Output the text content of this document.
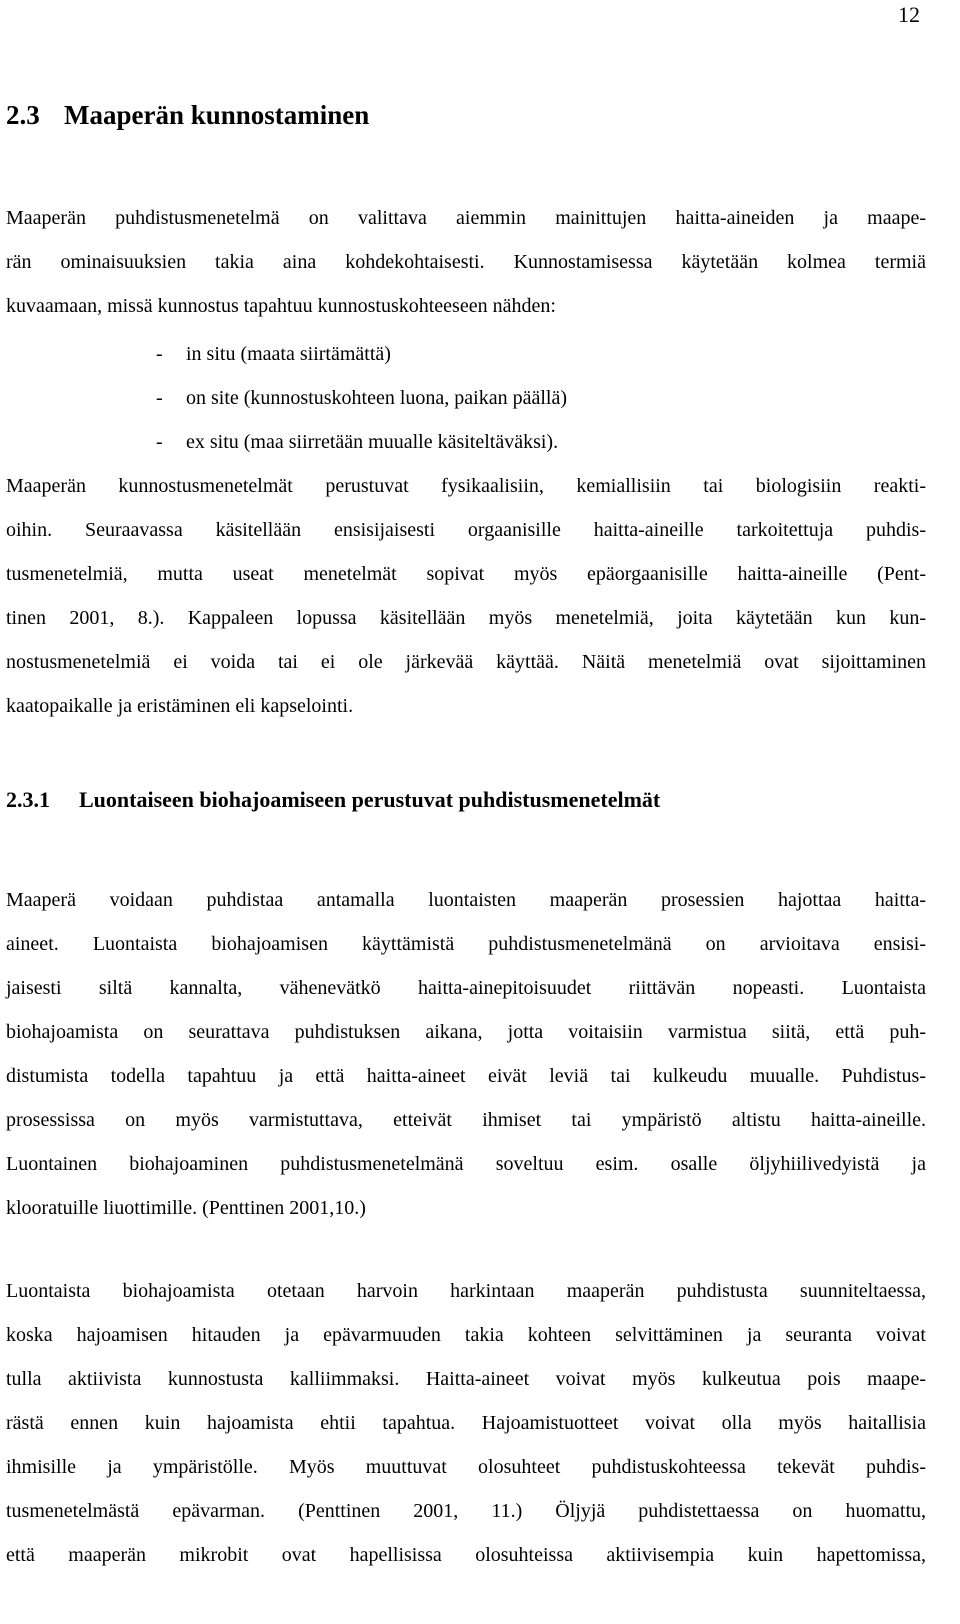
12
2.3 Maaperän kunnostaminen
Maaperän puhdistusmenetelmä on valittava aiemmin mainittujen haitta-aineiden ja maape-
rän ominaisuuksien takia aina kohdekohtaisesti. Kunnostamisessa käytetään kolmea termiä
kuvaamaan, missä kunnostus tapahtuu kunnostuskohteeseen nähden:
- in situ (maata siirtämättä)
- on site (kunnostuskohteen luona, paikan päällä)
- ex situ (maa siirretään muualle käsiteltäväksi).
Maaperän kunnostusmenetelmät perustuvat fysikaalisiin, kemiallisiin tai biologisiin reakti-
oihin. Seuraavassa käsitellään ensisijaisesti orgaanisille haitta-aineille tarkoitettuja puhdis-
tusmenetelmiä, mutta useat menetelmät sopivat myös epäorgaanisille haitta-aineille (Pent-
tinen 2001, 8.). Kappaleen lopussa käsitellään myös menetelmiä, joita käytetään kun kun-
nostusmenetelmiä ei voida tai ei ole järkevää käyttää. Näitä menetelmiä ovat sijoittaminen
kaatopaikalle ja eristäminen eli kapselointi.
2.3.1 Luontaiseen biohajoamiseen perustuvat puhdistusmenetelmät
Maaperä voidaan puhdistaa antamalla luontaisten maaperän prosessien hajottaa haitta-
aineet. Luontaista biohajoamisen käyttämistä puhdistusmenetelmänä on arvioitava ensisi-
jaisesti siltä kannalta, vähenevätkö haitta-ainepitoisuudet riittävän nopeasti. Luontaista
biohajoamista on seurattava puhdistuksen aikana, jotta voitaisiin varmistua siitä, että puh-
distumista todella tapahtuu ja että haitta-aineet eivät leviä tai kulkeudu muualle. Puhdistus-
prosessissa on myös varmistuttava, etteivät ihmiset tai ympäristö altistu haitta-aineille.
Luontainen biohajoaminen puhdistusmenetelmänä soveltuu esim. osalle öljyhiilivedyistä ja
klooratuille liuottimille. (Penttinen 2001,10.)
Luontaista biohajoamista otetaan harvoin harkintaan maaperän puhdistusta suunniteltaessa,
koska hajoamisen hitauden ja epävarmuuden takia kohteen selvittäminen ja seuranta voivat
tulla aktiivista kunnostusta kalliimmaksi. Haitta-aineet voivat myös kulkeutua pois maape-
rästä ennen kuin hajoamista ehtii tapahtua. Hajoamistuotteet voivat olla myös haitallisia
ihmisille ja ympäristölle. Myös muuttuvat olosuhteet puhdistuskohteessa tekevät puhdis-
tusmenetelmästä epävarman. (Penttinen 2001, 11.) Öljyjä puhdistettaessa on huomattu,
että maaperän mikrobit ovat hapellisissa olosuhteissa aktiivisempia kuin hapettomissa,
